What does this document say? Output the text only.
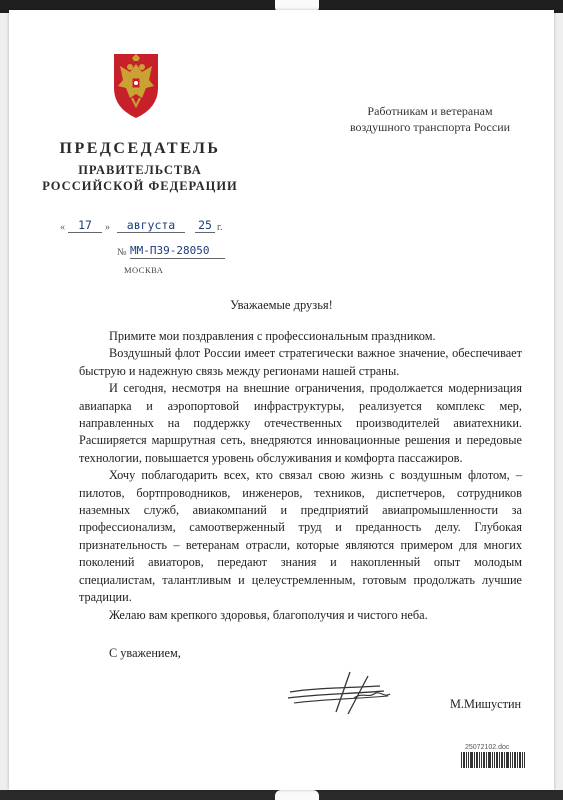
ПРЕДСЕДАТЕЛЬ
ПРАВИТЕЛЬСТВА
РОССИЙСКОЙ ФЕДЕРАЦИИ
Работникам и ветеранам
воздушного транспорта России
«	17	»	августа	25 г.
№ ММ-П39-28050
МОСКВА
Уважаемые друзья!

Примите мои поздравления с профессиональным праздником.

Воздушный флот России имеет стратегически важное значение, обеспечивает быструю и надежную связь между регионами нашей страны.

И сегодня, несмотря на внешние ограничения, продолжается модернизация авиапарка и аэропортовой инфраструктуры, реализуется комплекс мер, направленных на поддержку отечественных производителей авиатехники. Расширяется маршрутная сеть, внедряются инновационные решения и передовые технологии, повышается уровень обслуживания и комфорта пассажиров.

Хочу поблагодарить всех, кто связал свою жизнь с воздушным флотом, – пилотов, бортпроводников, инженеров, техников, диспетчеров, сотрудников наземных служб, авиакомпаний и предприятий авиапромышленности за профессионализм, самоотверженный труд и преданность делу. Глубокая признательность – ветеранам отрасли, которые являются примером для многих поколений авиаторов, передают знания и накопленный опыт молодым специалистам, талантливым и целеустремленным, готовым продолжать лучшие традиции.

Желаю вам крепкого здоровья, благополучия и чистого неба.

С уважением,
М.Мишустин
25072102.doc
